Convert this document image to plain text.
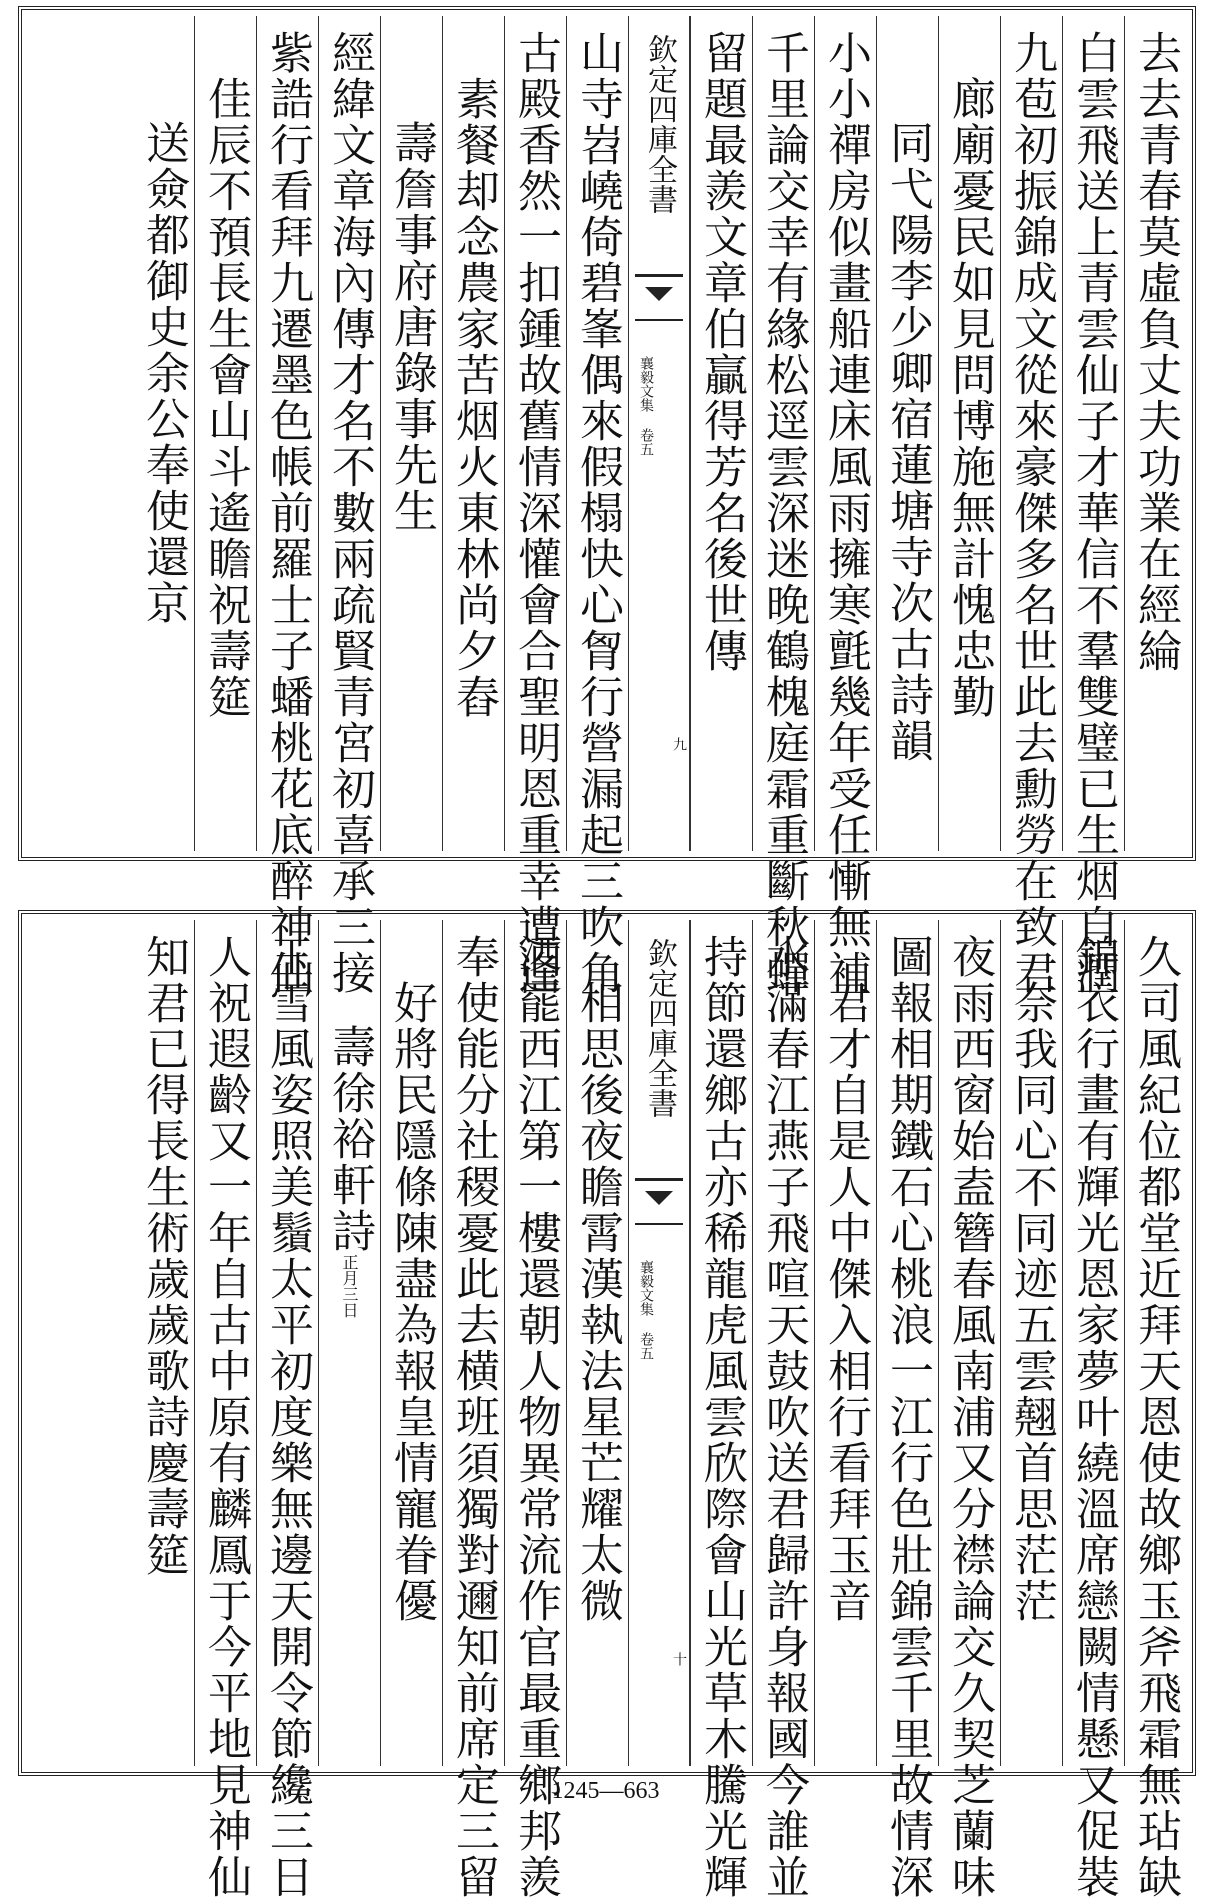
去去青春莫虛負丈夫功業在經綸
白雲飛送上青雲仙子才華信不羣雙璧已生烟自潤
九苞初振錦成文從來豪傑多名世此去勳勞在致君
廊廟憂民如見問博施無計愧忠勤
同弋陽李少卿宿蓮塘寺次古詩韻
小小禪房似畫船連床風雨擁寒氈幾年受任慚無補
千里論交幸有緣松逕雲深迷晚鶴槐庭霜重斷秋蟬
留題最羨文章伯贏得芳名後世傳
欽定四庫全書
襄毅文集 卷五
九
山寺岧嶢倚碧峯偶來假榻快心胷行營漏起三吹角
古殿香然一扣鍾故舊情深懽會合聖明恩重幸遭逢
素餐却念農家苦烟火東林尚夕舂
壽詹事府唐錄事先生
經緯文章海內傳才名不數兩疏賢青宮初喜承三接
紫誥行看拜九遷墨色帳前羅士子蟠桃花底醉神仙
佳辰不預長生會山斗遙瞻祝壽筵
送僉都御史余公奉使還京
久司風紀位都堂近拜天恩使故鄉玉斧飛霜無玷缺
錦衣行畫有輝光恩家夢叶繞溫席戀闕情懸又促裝
奈我同心不同迹五雲翹首思茫茫
夜雨西窗始盍簪春風南浦又分襟論交久契芝蘭味
圖報相期鐵石心桃浪一江行色壯錦雲千里故情深
君才自是人中傑入相行看拜玉音
水滿春江燕子飛喧天鼓吹送君歸許身報國今誰並
持節還鄉古亦稀龍虎風雲欣際會山光草木騰光輝
欽定四庫全書
襄毅文集 卷五
十
相思後夜瞻霄漢執法星芒耀太微
酒罷西江第一樓還朝人物異常流作官最重鄉邦羨
奉使能分社稷憂此去横班須獨對邇知前席定三留
好將民隱條陳盡為報皇情寵眷優
壽徐裕軒詩正月三日
玉雪風姿照美鬚太平初度樂無邊天開令節纔三日
人祝遐齡又一年自古中原有麟鳳于今平地見神仙
知君已得長生術歲歲歌詩慶壽筵
1245—663
